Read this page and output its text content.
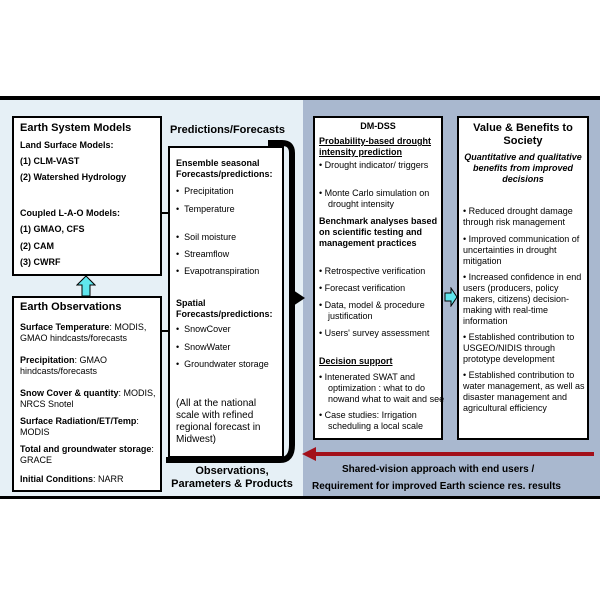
Earth System Models
Land Surface Models:
(1) CLM-VAST
(2) Watershed Hydrology
Coupled L-A-O Models:
(1) GMAO, CFS
(2) CAM
(3) CWRF
Earth Observations
Surface Temperature: MODIS, GMAO hindcasts/forecasts
Precipitation: GMAO hindcasts/forecasts
Snow Cover & quantity: MODIS, NRCS Snotel
Surface Radiation/ET/Temp: MODIS
Total and groundwater storage: GRACE
Initial Conditions: NARR
Predictions/Forecasts
Ensemble seasonal Forecasts/predictions:
•  Precipitation
•  Temperature
•  Soil moisture
•  Streamflow
•  Evapotranspiration
Spatial Forecasts/predictions:
•  SnowCover
•  SnowWater
•  Groundwater storage
(All at the national scale with refined regional forecast in Midwest)
Observations, Parameters & Products
DM-DSS
Probability-based drought intensity prediction
• Drought indicator/ triggers
• Monte Carlo simulation on drought intensity
Benchmark analyses based on scientific testing and management practices
• Retrospective verification
• Forecast verification
• Data, model & procedure justification
• Users' survey assessment
Decision support
• Intenerated SWAT and optimization : what to do nowand what to wait and see
• Case studies: Irrigation scheduling a local scale
Value & Benefits to Society
Quantitative and qualitative benefits from improved decisions
• Reduced drought damage through risk management
• Improved communication of uncertainties in drought mitigation
• Increased confidence in end users (producers, policy makers, citizens) decision-making with real-time information
• Established contribution to USGEO/NIDIS through prototype development
• Established contribution to water management, as well as disaster management and agricultural efficiency
Shared-vision approach with end users /
Requirement for improved Earth science res. results
